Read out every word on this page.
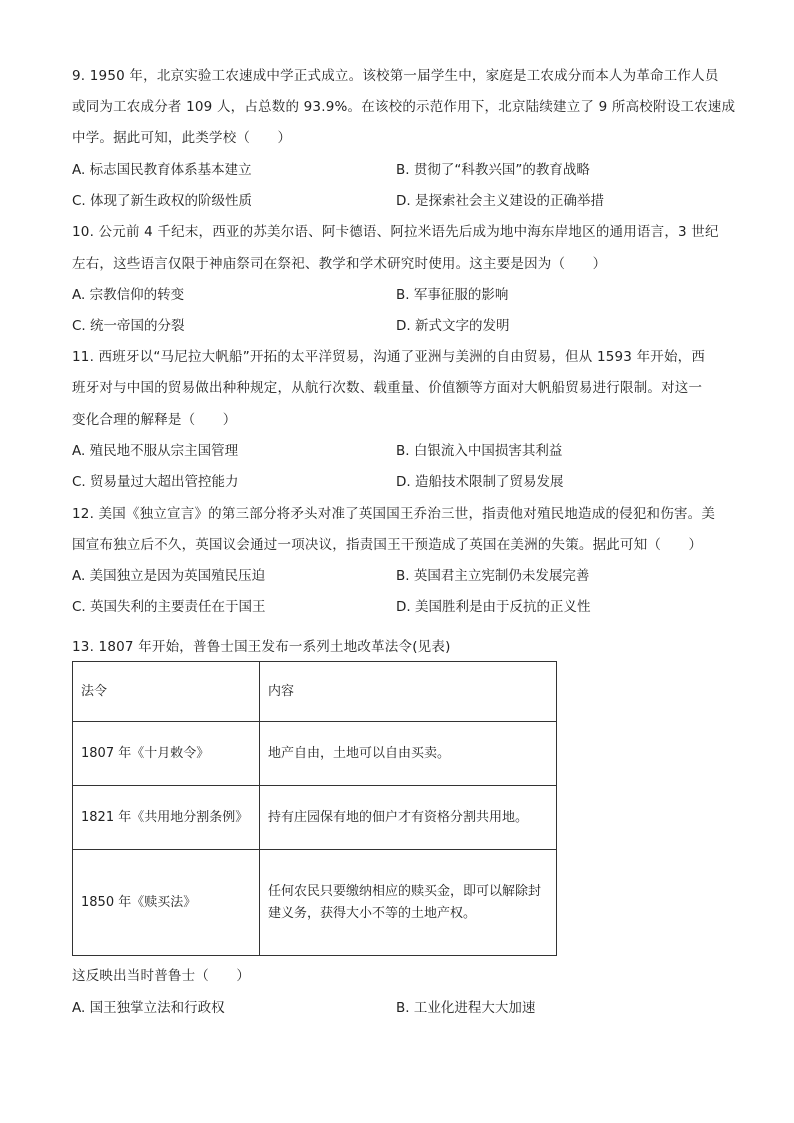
9. 1950 年，北京实验工农速成中学正式成立。该校第一届学生中，家庭是工农成分而本人为革命工作人员
或同为工农成分者 109 人，占总数的 93.9%。在该校的示范作用下，北京陆续建立了 9 所高校附设工农速成
中学。据此可知，此类学校（　　）
A. 标志国民教育体系基本建立	B. 贯彻了“科教兴国”的教育战略
C. 体现了新生政权的阶级性质	D. 是探索社会主义建设的正确举措
10. 公元前 4 千纪末，西亚的苏美尔语、阿卡德语、阿拉米语先后成为地中海东岸地区的通用语言，3 世纪
左右，这些语言仅限于神庙祭司在祭祀、教学和学术研究时使用。这主要是因为（　　）
A. 宗教信仰的转变	B. 军事征服的影响
C. 统一帝国的分裂	D. 新式文字的发明
11. 西班牙以“马尼拉大帆船”开拓的太平洋贸易，沟通了亚洲与美洲的自由贸易，但从 1593 年开始，西
班牙对与中国的贸易做出种种规定，从航行次数、载重量、价值额等方面对大帆船贸易进行限制。对这一
变化合理的解释是（　　）
A. 殖民地不服从宗主国管理	B. 白银流入中国损害其利益
C. 贸易量过大超出管控能力	D. 造船技术限制了贸易发展
12. 美国《独立宣言》的第三部分将矛头对准了英国国王乔治三世，指责他对殖民地造成的侵犯和伤害。美
国宣布独立后不久，英国议会通过一项决议，指责国王干预造成了英国在美洲的失策。据此可知（　　）
A. 美国独立是因为英国殖民压迫	B. 英国君主立宪制仍未发展完善
C. 英国失利的主要责任在于国王	D. 美国胜利是由于反抗的正义性
13. 1807 年开始，普鲁士国王发布一系列土地改革法令(见表)
法令	内容
1807 年《十月敕令》	地产自由，土地可以自由买卖。
1821 年《共用地分割条例》	持有庄园保有地的佃户才有资格分割共用地。
1850 年《赎买法》	任何农民只要缴纳相应的赎买金，即可以解除封建义务，获得大小不等的土地产权。
这反映出当时普鲁士（　　）
A. 国王独掌立法和行政权	B. 工业化进程大大加速
